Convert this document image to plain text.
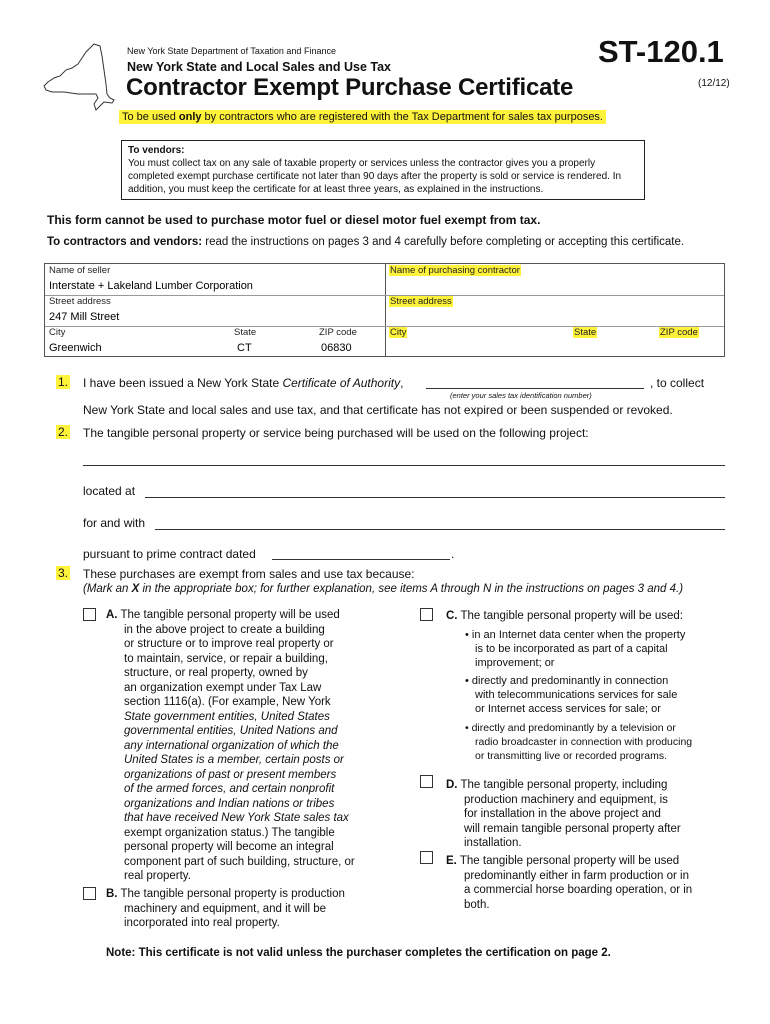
New York State Department of Taxation and Finance
New York State and Local Sales and Use Tax
Contractor Exempt Purchase Certificate
ST-120.1
(12/12)
To be used only by contractors who are registered with the Tax Department for sales tax purposes.
To vendors:
You must collect tax on any sale of taxable property or services unless the contractor gives you a properly completed exempt purchase certificate not later than 90 days after the property is sold or service is rendered. In addition, you must keep the certificate for at least three years, as explained in the instructions.
This form cannot be used to purchase motor fuel or diesel motor fuel exempt from tax.
To contractors and vendors: read the instructions on pages 3 and 4 carefully before completing or accepting this certificate.
Name of seller
Interstate + Lakeland Lumber Corporation
Street address
247 Mill Street
City
Greenwich
State
CT
ZIP code
06830
Name of purchasing contractor
Street address
City	State	ZIP code
1. I have been issued a New York State Certificate of Authority,
(enter your sales tax identification number)
, to collect
New York State and local sales and use tax, and that certificate has not expired or been suspended or revoked.
2. The tangible personal property or service being purchased will be used on the following project:
located at
for and with
pursuant to prime contract dated	.
3. These purchases are exempt from sales and use tax because:
(Mark an X in the appropriate box; for further explanation, see items A through N in the instructions on pages 3 and 4.)
A. The tangible personal property will be used
in the above project to create a building
or structure or to improve real property or
to maintain, service, or repair a building,
structure, or real property, owned by
an organization exempt under Tax Law
section 1116(a). (For example, New York
State government entities, United States
governmental entities, United Nations and
any international organization of which the
United States is a member, certain posts or
organizations of past or present members
of the armed forces, and certain nonprofit
organizations and Indian nations or tribes
that have received New York State sales tax
exempt organization status.) The tangible
personal property will become an integral
component part of such building, structure, or
real property.
B. The tangible personal property is production
machinery and equipment, and it will be
incorporated into real property.
C. The tangible personal property will be used:
• in an Internet data center when the property
is to be incorporated as part of a capital
improvement; or
• directly and predominantly in connection
with telecommunications services for sale
or Internet access services for sale; or
• directly and predominantly by a television or
radio broadcaster in connection with producing
or transmitting live or recorded programs.
D. The tangible personal property, including
production machinery and equipment, is
for installation in the above project and
will remain tangible personal property after
installation.
E. The tangible personal property will be used
predominantly either in farm production or in
a commercial horse boarding operation, or in
both.
Note: This certificate is not valid unless the purchaser completes the certification on page 2.
